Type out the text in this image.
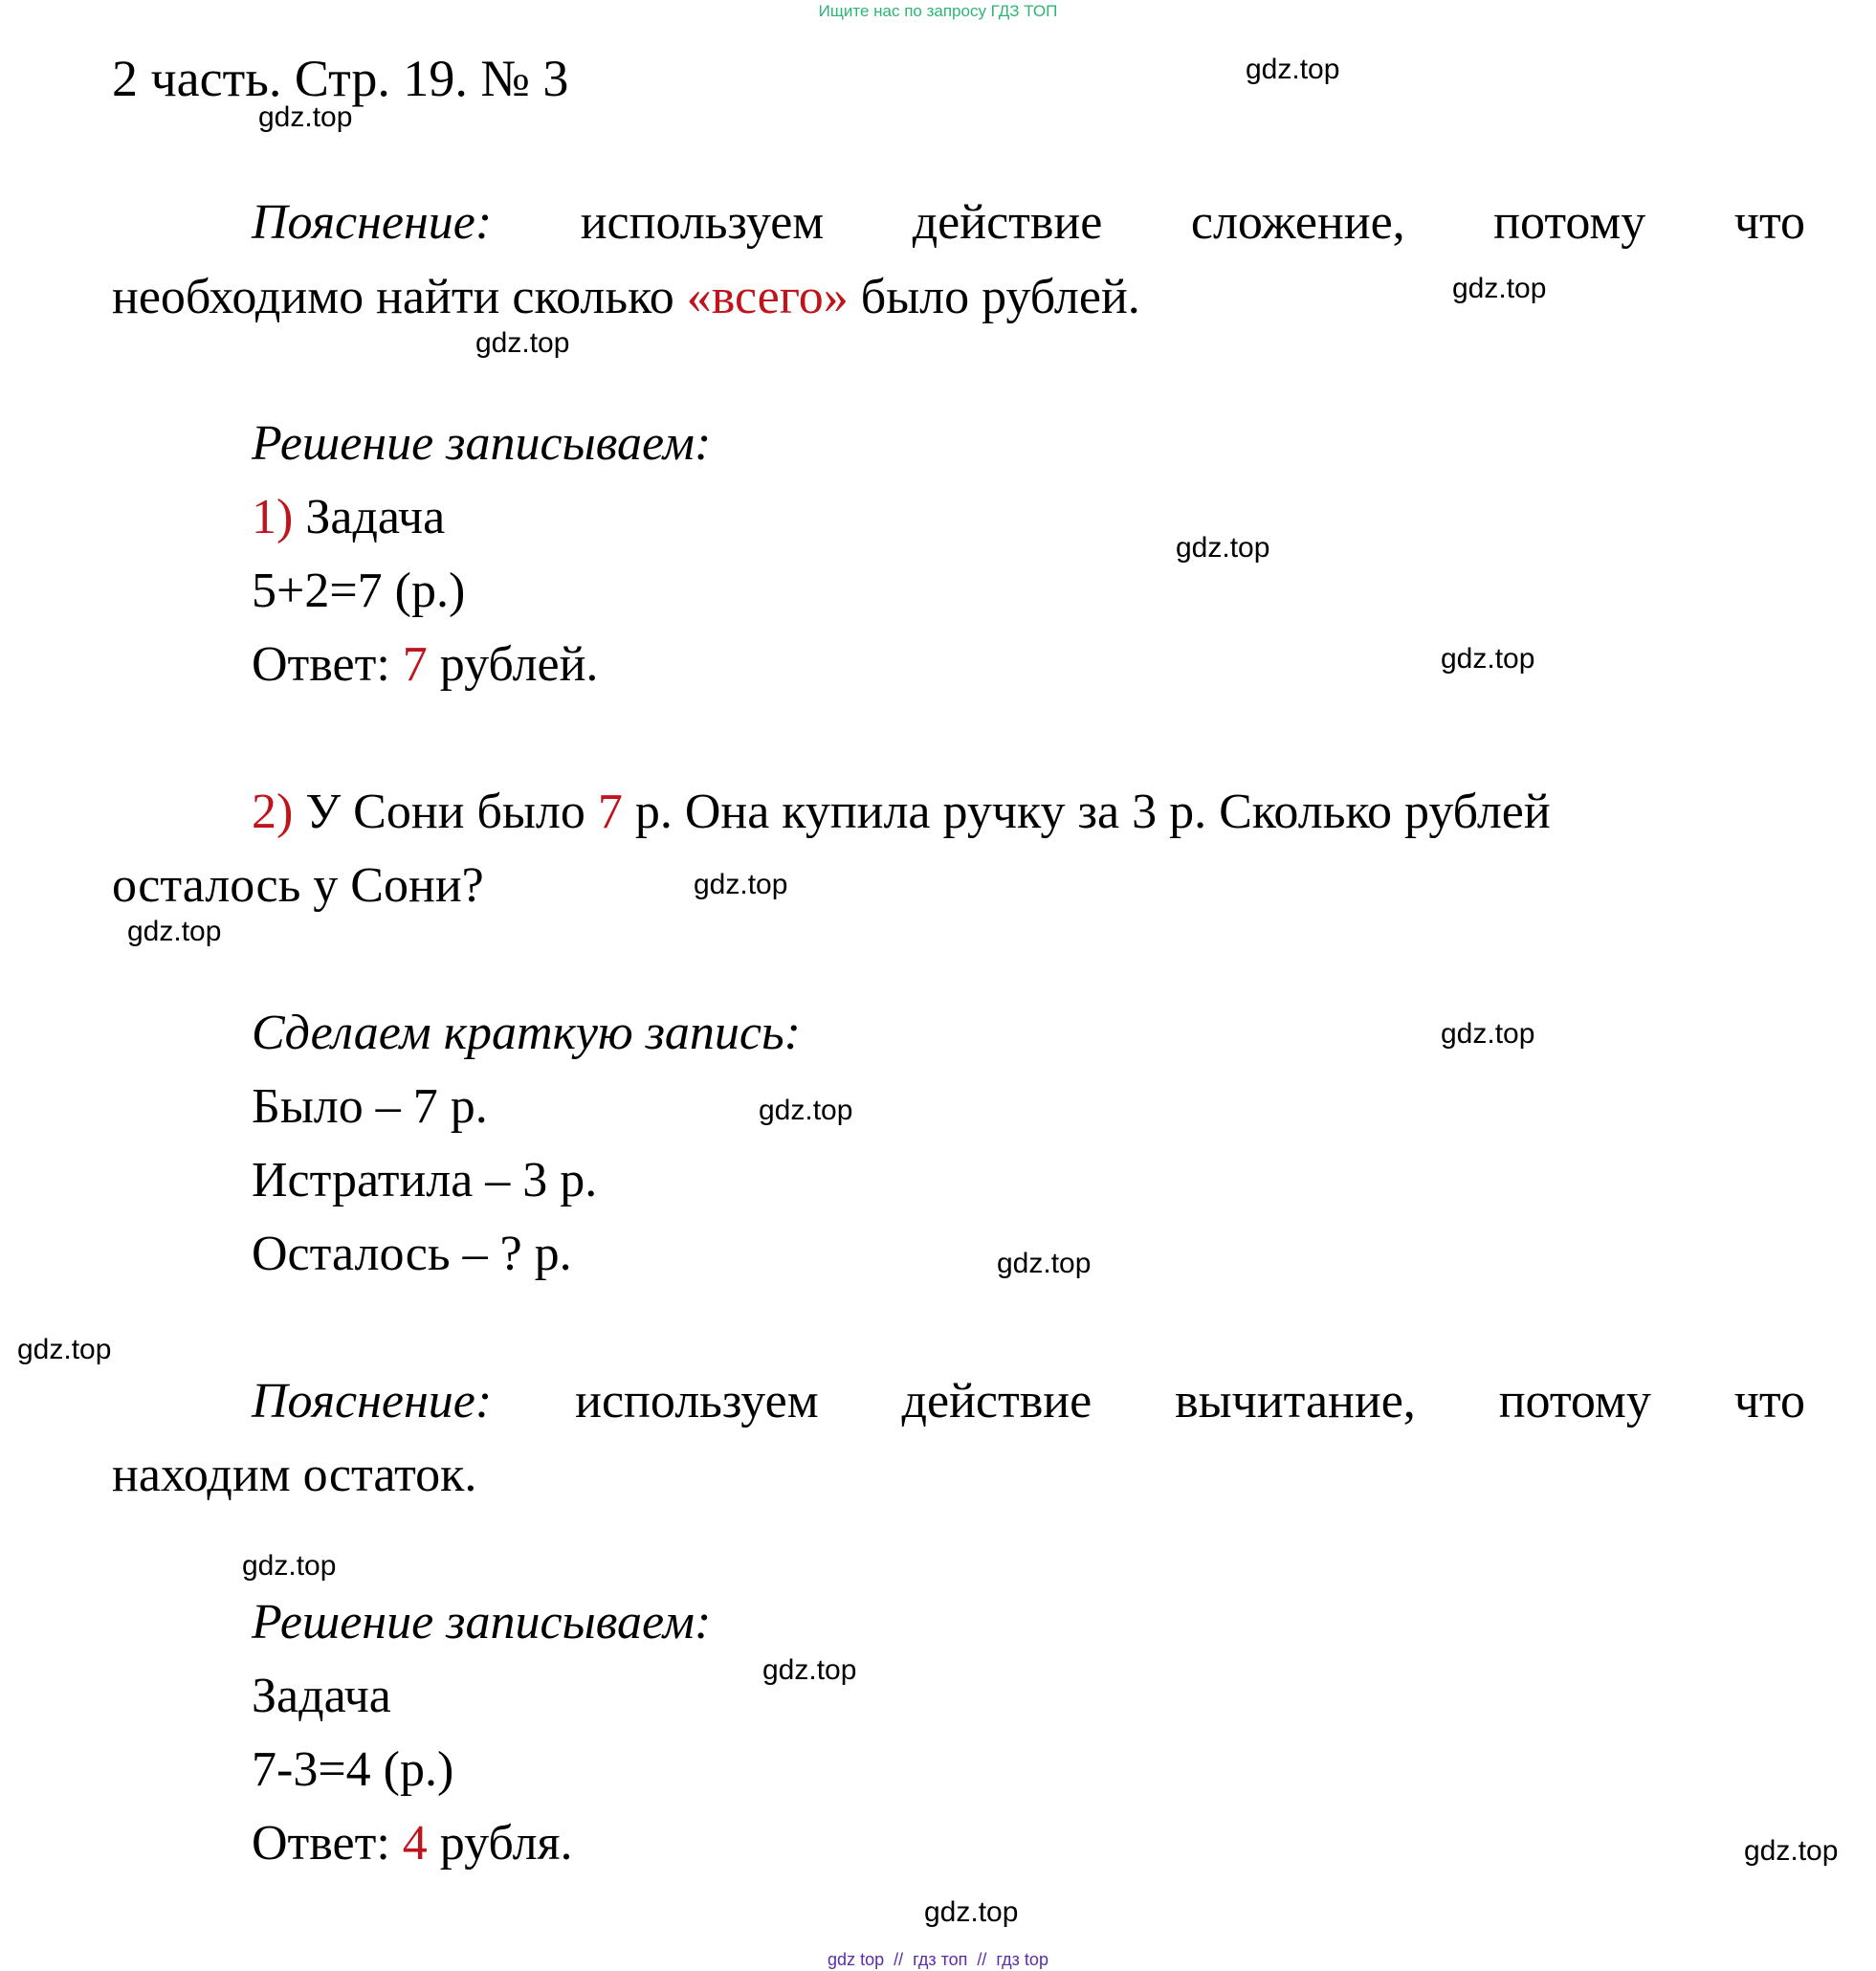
Ищите нас по запросу ГДЗ ТОП
2 часть. Стр. 19. № 3
Пояснение: используем действие сложение, потому что
необходимо найти сколько «всего» было рублей.
Решение записываем:
1) Задача
5+2=7 (р.)
Ответ: 7 рублей.
2) У Сони было 7 р. Она купила ручку за 3 р. Сколько рублей
осталось у Сони?
Сделаем краткую запись:
Было – 7 р.
Истратила – 3 р.
Осталось – ? р.
Пояснение: используем действие вычитание, потому что
находим остаток.
Решение записываем:
Задача
7-3=4 (р.)
Ответ: 4 рубля.
gdz.top
gdz.top
gdz.top
gdz.top
gdz.top
gdz.top
gdz.top
gdz.top
gdz.top
gdz.top
gdz.top
gdz.top
gdz.top
gdz.top
gdz.top
gdz.top
gdz top  //  гдз топ  //  гдз top
